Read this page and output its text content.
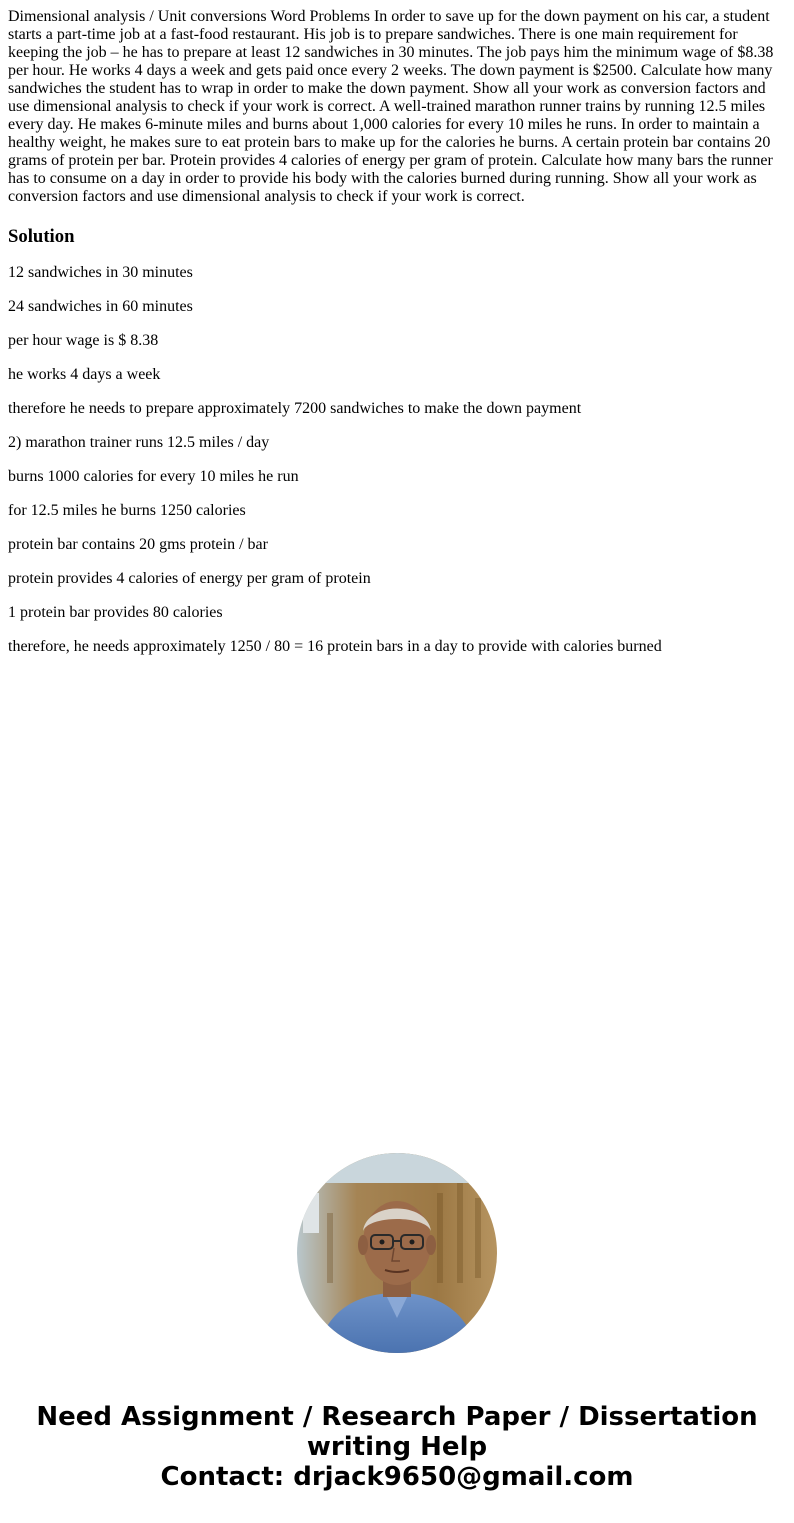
Dimensional analysis / Unit conversions Word Problems In order to save up for the down payment on his car, a student starts a part-time job at a fast-food restaurant. His job is to prepare sandwiches. There is one main requirement for keeping the job – he has to prepare at least 12 sandwiches in 30 minutes. The job pays him the minimum wage of $8.38 per hour. He works 4 days a week and gets paid once every 2 weeks. The down payment is $2500. Calculate how many sandwiches the student has to wrap in order to make the down payment. Show all your work as conversion factors and use dimensional analysis to check if your work is correct. A well-trained marathon runner trains by running 12.5 miles every day. He makes 6-minute miles and burns about 1,000 calories for every 10 miles he runs. In order to maintain a healthy weight, he makes sure to eat protein bars to make up for the calories he burns. A certain protein bar contains 20 grams of protein per bar. Protein provides 4 calories of energy per gram of protein. Calculate how many bars the runner has to consume on a day in order to provide his body with the calories burned during running. Show all your work as conversion factors and use dimensional analysis to check if your work is correct.

Solution

12 sandwiches in 30 minutes

24 sandwiches in 60 minutes

per hour wage is $ 8.38

he works 4 days a week

therefore he needs to prepare approximately 7200 sandwiches to make the down payment

2) marathon trainer runs 12.5 miles / day

burns 1000 calories for every 10 miles he run

for 12.5 miles he burns 1250 calories

protein bar contains 20 gms protein / bar

protein provides 4 calories of energy per gram of protein

1 protein bar provides 80 calories

therefore, he needs approximately 1250 / 80 = 16 protein bars in a day to provide with calories burned

Need Assignment / Research Paper / Dissertation
writing Help
Contact: drjack9650@gmail.com
